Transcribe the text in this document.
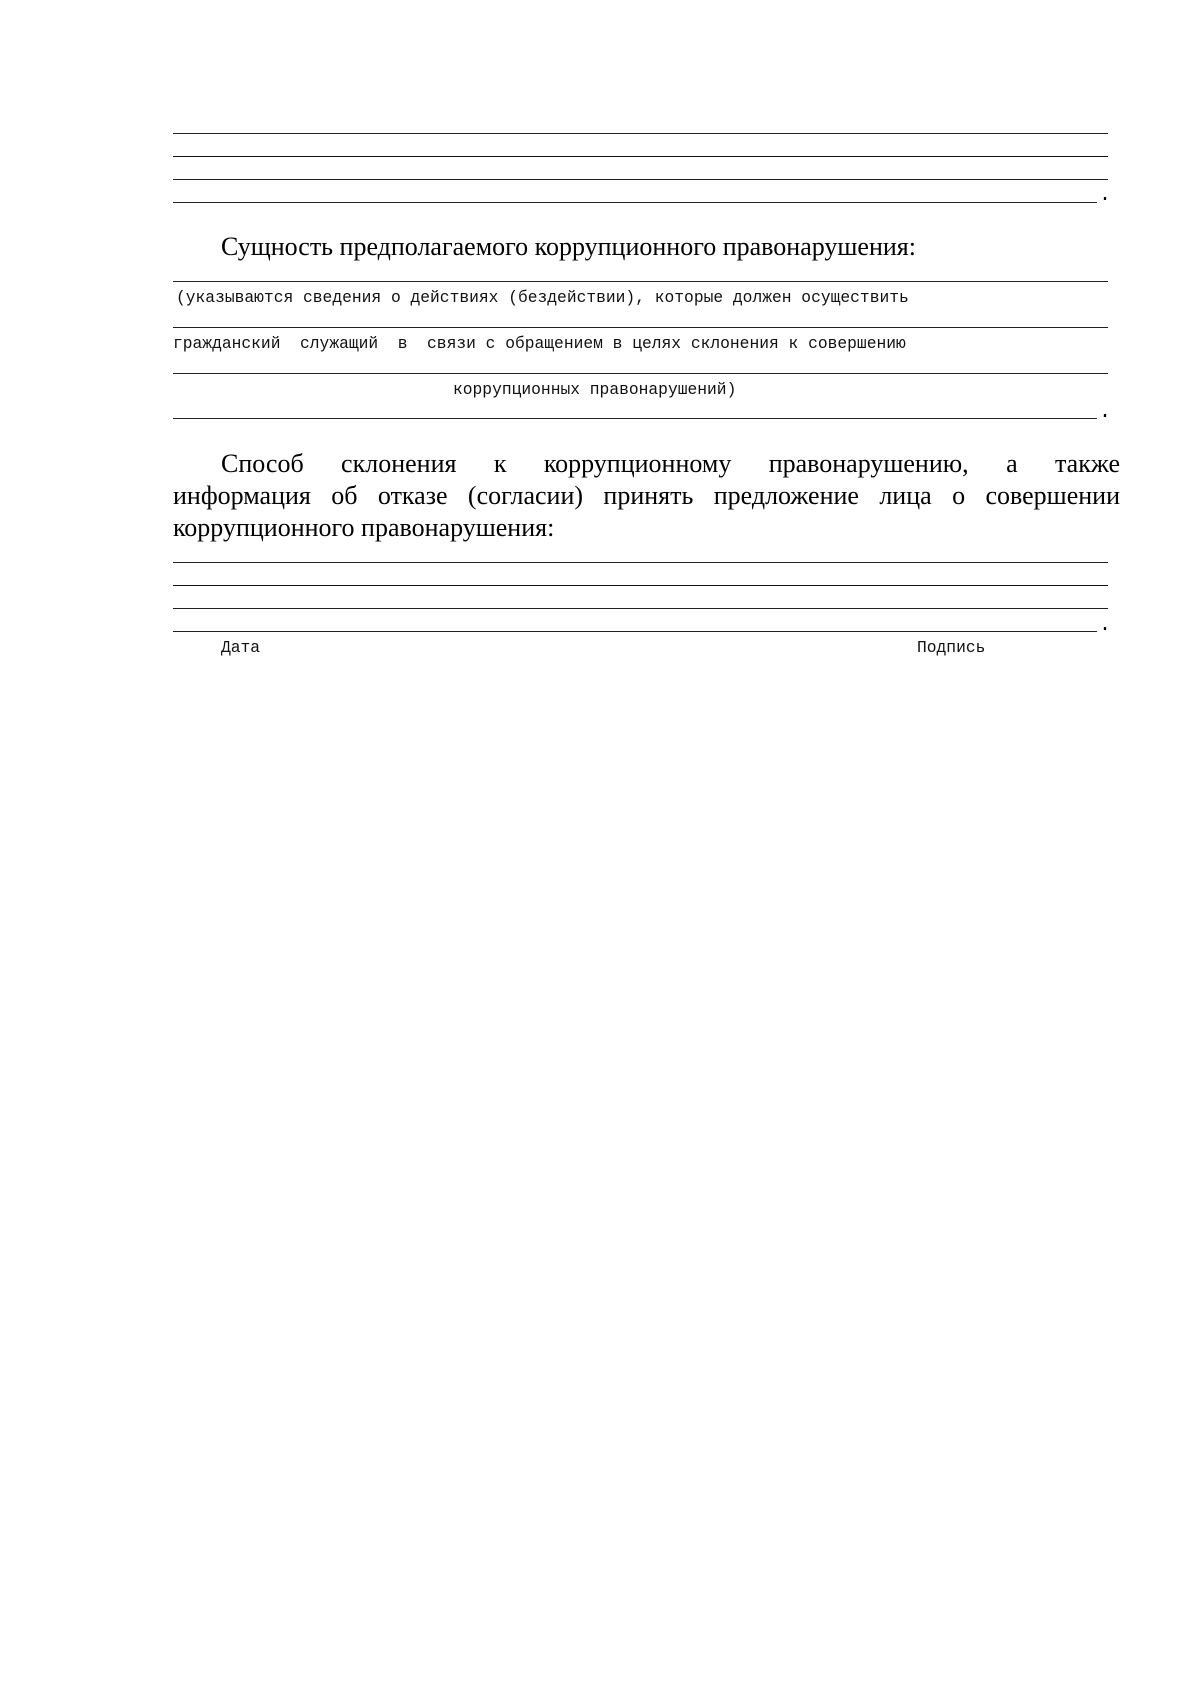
.
Сущность предполагаемого коррупционного правонарушения:
(указываются сведения о действиях (бездействии), которые должен осуществить
гражданский  служащий  в  связи с обращением в целях склонения к совершению
коррупционных правонарушений)
.
Способ склонения к коррупционному правонарушению, а также
информация об отказе (согласии) принять предложение лица о совершении
коррупционного правонарушения:
.
Дата	Подпись
